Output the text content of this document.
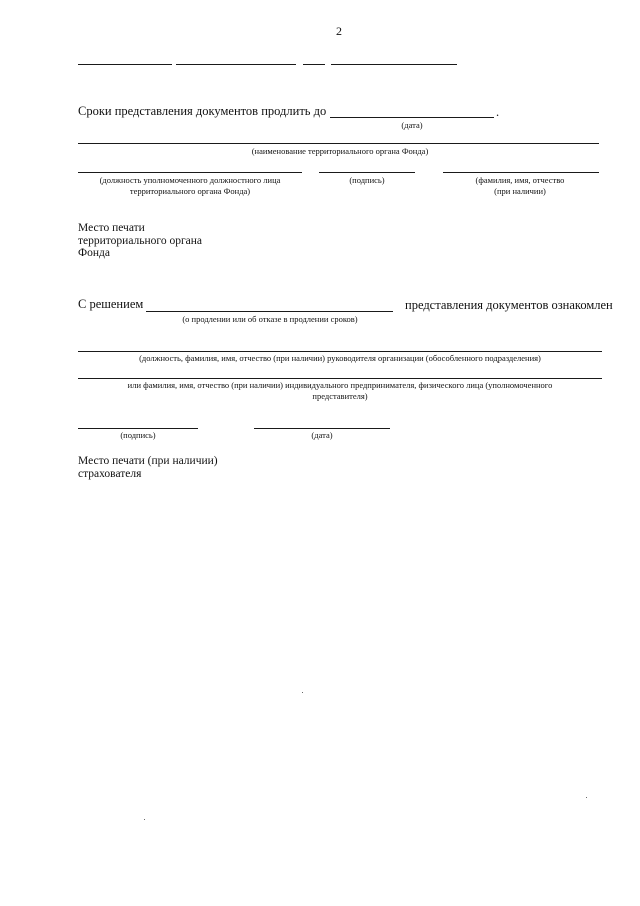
2
Сроки представления документов продлить до	.
(дата)
(наименование территориального органа Фонда)
(должность уполномоченного должностного лица
территориального органа Фонда)
(подпись)	(фамилия, имя, отчество
(при наличии)
Место печати
территориального органа
Фонда
С решением	представления документов ознакомлен
(о продлении или об отказе в продлении сроков)
(должность, фамилия, имя, отчество (при наличии) руководителя организации (обособленного подразделения)
или фамилия, имя, отчество (при наличии) индивидуального предпринимателя, физического лица (уполномоченного
представителя)
(подпись)	(дата)
Место печати (при наличии)
страхователя
